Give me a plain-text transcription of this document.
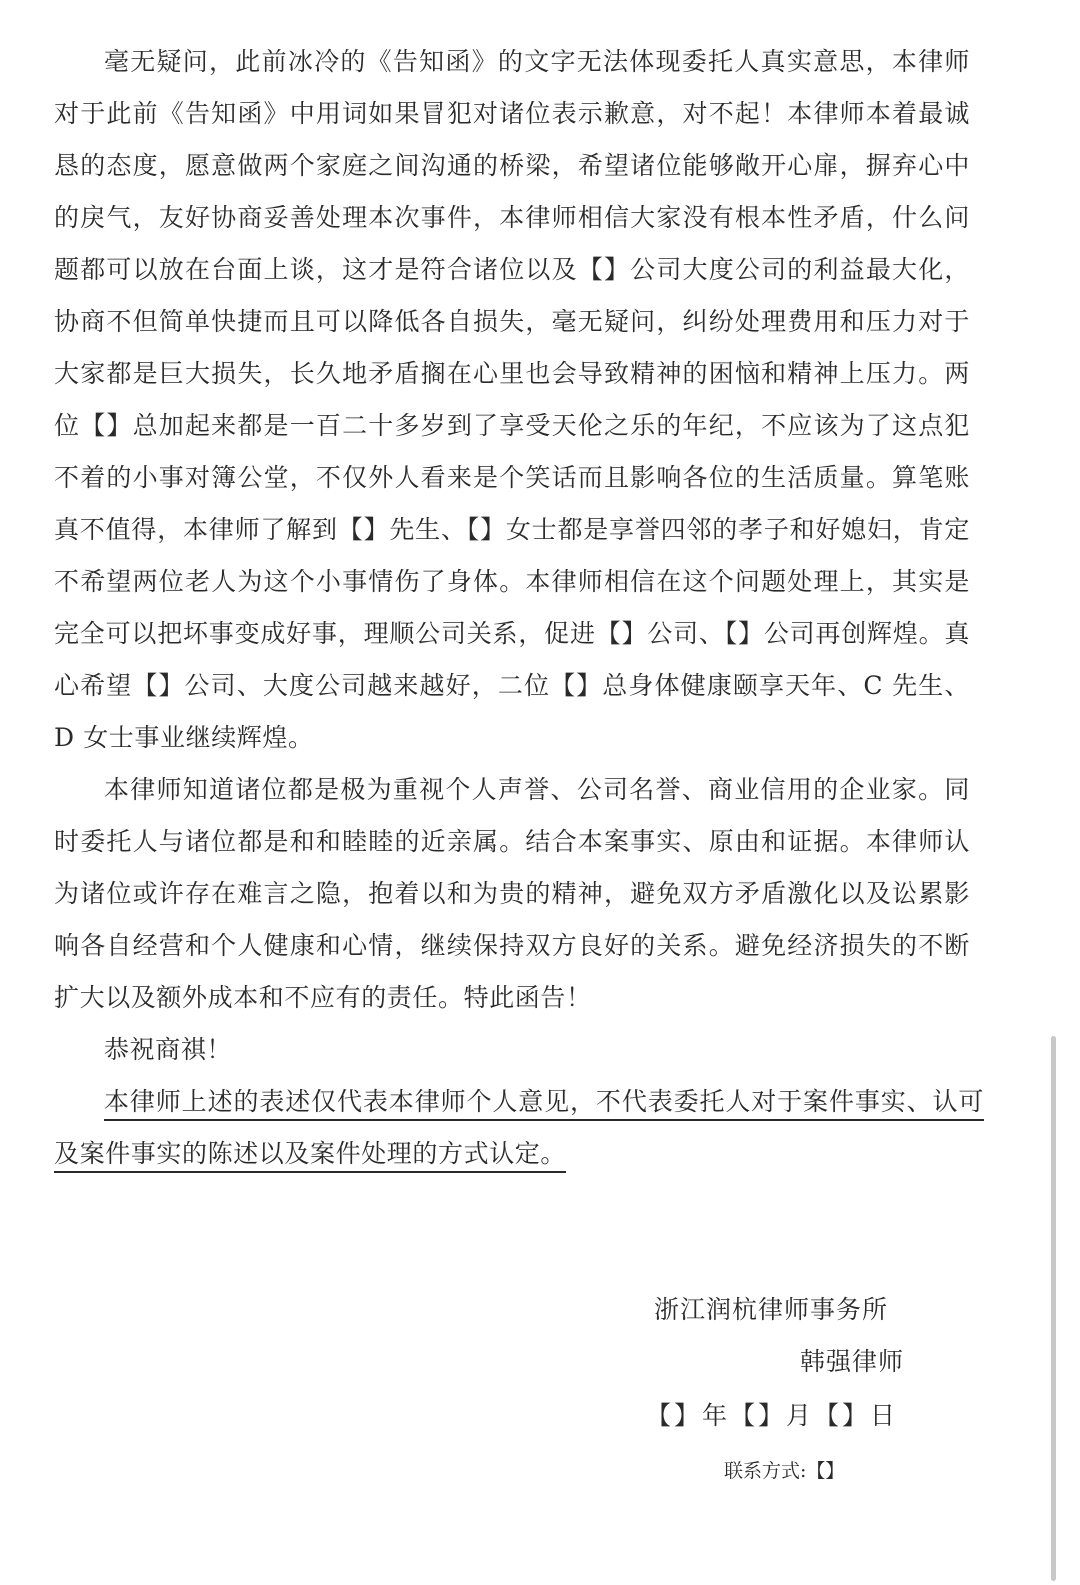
毫无疑问，此前冰冷的《告知函》的文字无法体现委托人真实意思，本律师对于此前《告知函》中用词如果冒犯对诸位表示歉意，对不起！本律师本着最诚恳的态度，愿意做两个家庭之间沟通的桥梁，希望诸位能够敞开心扉，摒弃心中的戾气，友好协商妥善处理本次事件，本律师相信大家没有根本性矛盾，什么问题都可以放在台面上谈，这才是符合诸位以及【】公司大度公司的利益最大化，协商不但简单快捷而且可以降低各自损失，毫无疑问，纠纷处理费用和压力对于大家都是巨大损失，长久地矛盾搁在心里也会导致精神的困恼和精神上压力。两位【】总加起来都是一百二十多岁到了享受天伦之乐的年纪，不应该为了这点犯不着的小事对簿公堂，不仅外人看来是个笑话而且影响各位的生活质量。算笔账真不值得，本律师了解到【】先生、【】女士都是享誉四邻的孝子和好媳妇，肯定不希望两位老人为这个小事情伤了身体。本律师相信在这个问题处理上，其实是完全可以把坏事变成好事，理顺公司关系，促进【】公司、【】公司再创辉煌。真心希望【】公司、大度公司越来越好，二位【】总身体健康颐享天年、C 先生、D 女士事业继续辉煌。

本律师知道诸位都是极为重视个人声誉、公司名誉、商业信用的企业家。同时委托人与诸位都是和和睦睦的近亲属。结合本案事实、原由和证据。本律师认为诸位或许存在难言之隐，抱着以和为贵的精神，避免双方矛盾激化以及讼累影响各自经营和个人健康和心情，继续保持双方良好的关系。避免经济损失的不断扩大以及额外成本和不应有的责任。特此函告！

恭祝商祺！

本律师上述的表述仅代表本律师个人意见，不代表委托人对于案件事实、认可及案件事实的陈述以及案件处理的方式认定。

浙江润杭律师事务所
韩强律师
【】年【】月【】日
联系方式:【】
